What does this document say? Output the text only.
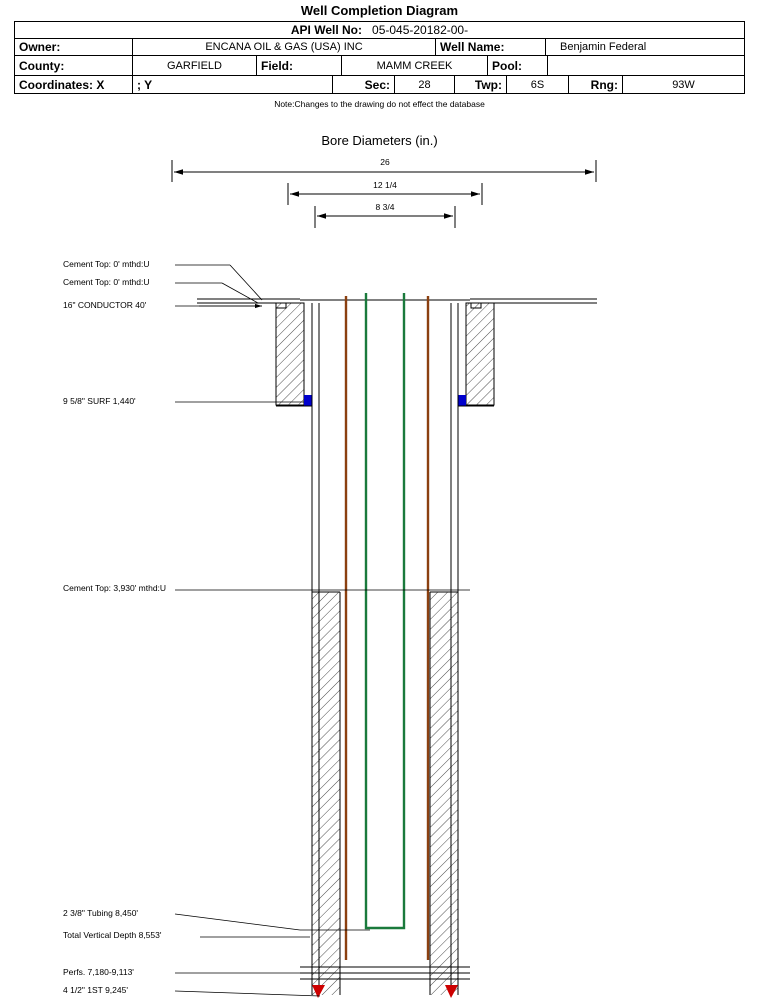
Well Completion Diagram
API Well No: 05-045-20182-00-
Owner:	ENCANA OIL & GAS (USA) INC	Well Name:	Benjamin Federal
County:	GARFIELD	Field:	MAMM CREEK	Pool:
Coordinates: X	; Y	Sec:	28	Twp:	6S	Rng:	93W
Note:Changes to the drawing do not effect the database
Bore Diameters (in.)
26
12 1/4
8 3/4
Cement Top: 0' mthd:U
Cement Top: 0' mthd:U
16" CONDUCTOR 40'
9 5/8" SURF 1,440'
Cement Top: 3,930' mthd:U
2 3/8" Tubing 8,450'
Total Vertical Depth 8,553'
Perfs. 7,180-9,113'
4 1/2" 1ST 9,245'
